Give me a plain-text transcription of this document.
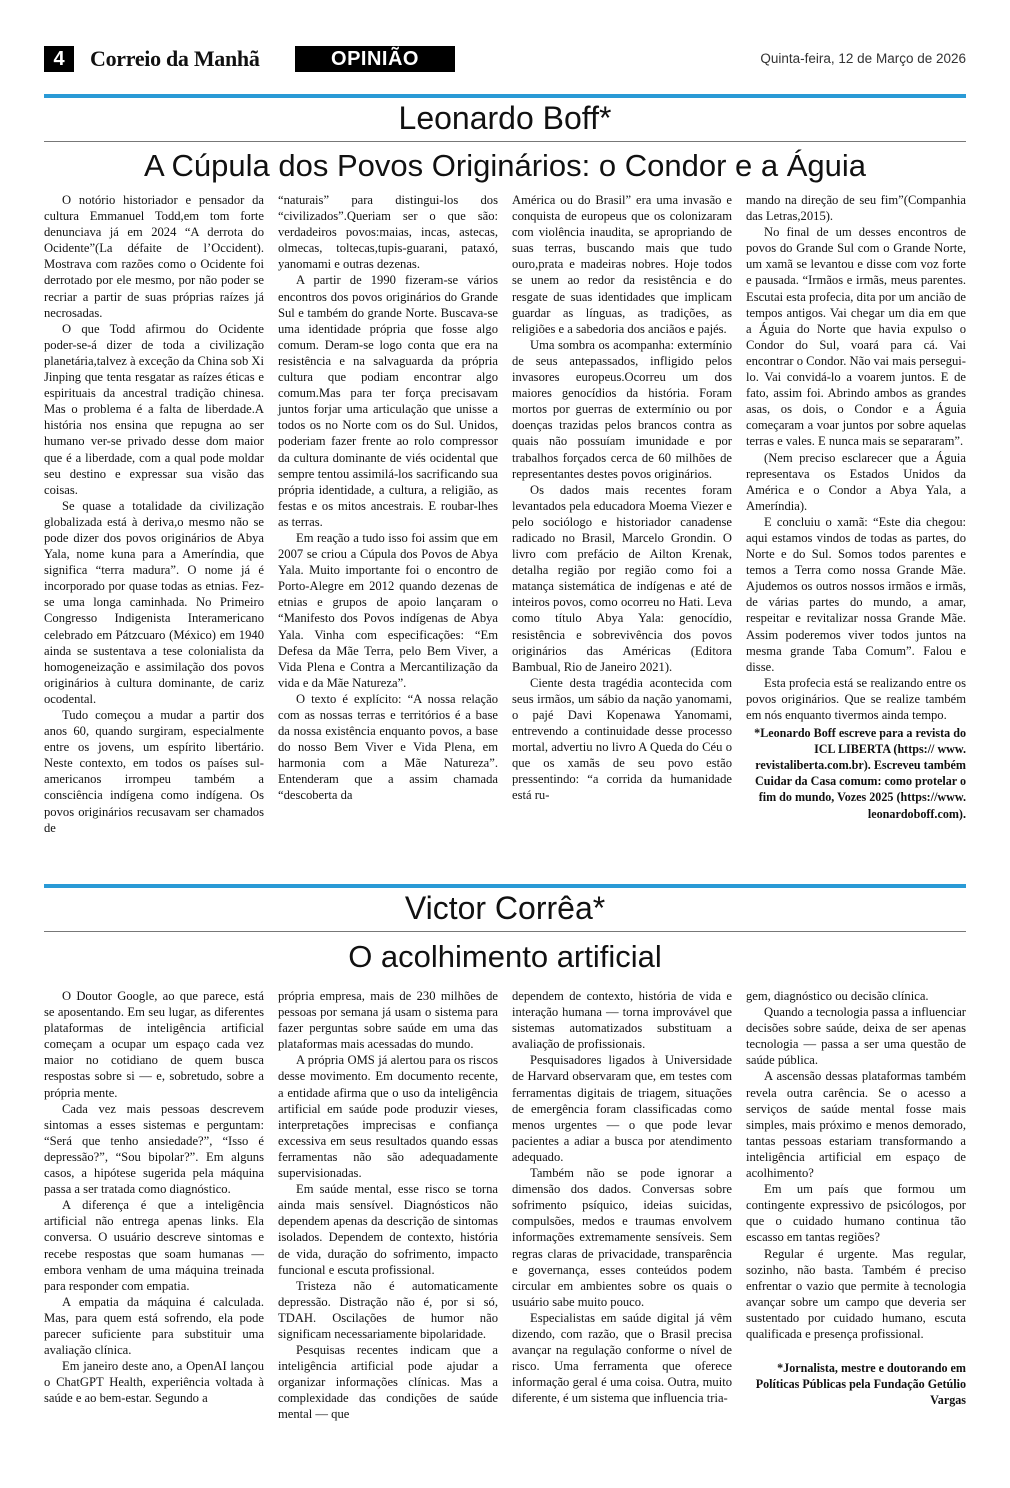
4	Correio da Manhã	OPINIÃO	Quinta-feira, 12 de Março de 2026
Leonardo Boff*
A Cúpula dos Povos Originários: o Condor e a Águia

O notório historiador e pensador da cultura Emmanuel Todd,em tom forte denunciava já em 2024 “A derrota do Ocidente”(La défaite de l’Occident). Mostrava com razões como o Ocidente foi derrotado por ele mesmo, por não poder se recriar a partir de suas próprias raízes já necrosadas.

O que Todd afirmou do Ocidente poder-se-á dizer de toda a civilização planetária,talvez à exceção da China sob Xi Jinping que tenta resgatar as raízes éticas e espirituais da ancestral tradição chinesa. Mas o problema é a falta de liberdade.A história nos ensina que repugna ao ser humano ver-se privado desse dom maior que é a liberdade, com a qual pode moldar seu destino e expressar sua visão das coisas.

Se quase a totalidade da civilização globalizada está à deriva,o mesmo não se pode dizer dos povos originários de Abya Yala, nome kuna para a Ameríndia, que significa “terra madura”. O nome já é incorporado por quase todas as etnias. Fez-se uma longa caminhada. No Primeiro Congresso Indigenista Interamericano celebrado em Pátzcuaro (México) em 1940 ainda se sustentava a tese colonialista da homogeneização e assimilação dos povos originários à cultura dominante, de cariz ocodental.

Tudo começou a mudar a partir dos anos 60, quando surgiram, especialmente entre os jovens, um espírito libertário. Neste contexto, em todos os países sul-americanos irrompeu também a consciência indígena como indígena. Os povos originários recusavam ser chamados de

“naturais” para distingui-los dos “civilizados”.Queriam ser o que são: verdadeiros povos:maias, incas, astecas, olmecas, toltecas,tupis-guarani, pataxó, yanomami e outras dezenas.

A partir de 1990 fizeram-se vários encontros dos povos originários do Grande Sul e também do grande Norte. Buscava-se uma identidade própria que fosse algo comum. Deram-se logo conta que era na resistência e na salvaguarda da própria cultura que podiam encontrar algo comum.Mas para ter força precisavam juntos forjar uma articulação que unisse a todos os no Norte com os do Sul. Unidos, poderiam fazer frente ao rolo compressor da cultura dominante de viés ocidental que sempre tentou assimilá-los sacrificando sua própria identidade, a cultura, a religião, as festas e os mitos ancestrais. E roubar-lhes as terras.

Em reação a tudo isso foi assim que em 2007 se criou a Cúpula dos Povos de Abya Yala. Muito importante foi o encontro de Porto-Alegre em 2012 quando dezenas de etnias e grupos de apoio lançaram o “Manifesto dos Povos indígenas de Abya Yala. Vinha com especificações: “Em Defesa da Mãe Terra, pelo Bem Viver, a Vida Plena e Contra a Mercantilização da vida e da Mãe Natureza”.

O texto é explícito: “A nossa relação com as nossas terras e territórios é a base da nossa existência enquanto povos, a base do nosso Bem Viver e Vida Plena, em harmonia com a Mãe Natureza”. Entenderam que a assim chamada “descoberta da

América ou do Brasil” era uma invasão e conquista de europeus que os colonizaram com violência inaudita, se apropriando de suas terras, buscando mais que tudo ouro,prata e madeiras nobres. Hoje todos se unem ao redor da resistência e do resgate de suas identidades que implicam guardar as línguas, as tradições, as religiões e a sabedoria dos anciãos e pajés.

Uma sombra os acompanha: extermínio de seus antepassados, infligido pelos invasores europeus.Ocorreu um dos maiores genocídios da história. Foram mortos por guerras de extermínio ou por doenças trazidas pelos brancos contra as quais não possuíam imunidade e por trabalhos forçados cerca de 60 milhões de representantes destes povos originários.

Os dados mais recentes foram levantados pela educadora Moema Viezer e pelo sociólogo e historiador canadense radicado no Brasil, Marcelo Grondin. O livro com prefácio de Ailton Krenak, detalha região por região como foi a matança sistemática de indígenas e até de inteiros povos, como ocorreu no Hati. Leva como título Abya Yala: genocídio, resistência e sobrevivência dos povos originários das Américas (Editora Bambual, Rio de Janeiro 2021).

Ciente desta tragédia acontecida com seus irmãos, um sábio da nação yanomami, o pajé Davi Kopenawa Yanomami, entrevendo a continuidade desse processo mortal, advertiu no livro A Queda do Céu o que os xamãs de seu povo estão pressentindo: “a corrida da humanidade está ru-

mando na direção de seu fim”(Companhia das Letras,2015).

No final de um desses encontros de povos do Grande Sul com o Grande Norte, um xamã se levantou e disse com voz forte e pausada. “Irmãos e irmãs, meus parentes. Escutai esta profecia, dita por um ancião de tempos antigos. Vai chegar um dia em que a Águia do Norte que havia expulso o Condor do Sul, voará para cá. Vai encontrar o Condor. Não vai mais persegui-lo. Vai convidá-lo a voarem juntos. E de fato, assim foi. Abrindo ambos as grandes asas, os dois, o Condor e a Águia começaram a voar juntos por sobre aquelas terras e vales. E nunca mais se separaram”.

(Nem preciso esclarecer que a Águia representava os Estados Unidos da América e o Condor a Abya Yala, a Ameríndia).

E concluiu o xamã: “Este dia chegou: aqui estamos vindos de todas as partes, do Norte e do Sul. Somos todos parentes e temos a Terra como nossa Grande Mãe. Ajudemos os outros nossos irmãos e irmãs, de várias partes do mundo, a amar, respeitar e revitalizar nossa Grande Mãe. Assim poderemos viver todos juntos na mesma grande Taba Comum”. Falou e disse.

Esta profecia está se realizando entre os povos originários. Que se realize também em nós enquanto tivermos ainda tempo.

*Leonardo Boff escreve para a revista do ICL LIBERTA (https:// www. revistaliberta.com.br). Escreveu também Cuidar da Casa comum: como protelar o fim do mundo, Vozes 2025 (https://www. leonardoboff.com).
Victor Corrêa*
O acolhimento artificial

O Doutor Google, ao que parece, está se aposentando. Em seu lugar, as diferentes plataformas de inteligência artificial começam a ocupar um espaço cada vez maior no cotidiano de quem busca respostas sobre si — e, sobretudo, sobre a própria mente.

Cada vez mais pessoas descrevem sintomas a esses sistemas e perguntam: “Será que tenho ansiedade?”, “Isso é depressão?”, “Sou bipolar?”. Em alguns casos, a hipótese sugerida pela máquina passa a ser tratada como diagnóstico.

A diferença é que a inteligência artificial não entrega apenas links. Ela conversa. O usuário descreve sintomas e recebe respostas que soam humanas — embora venham de uma máquina treinada para responder com empatia.

A empatia da máquina é calculada. Mas, para quem está sofrendo, ela pode parecer suficiente para substituir uma avaliação clínica.

Em janeiro deste ano, a OpenAI lançou o ChatGPT Health, experiência voltada à saúde e ao bem-estar. Segundo a

própria empresa, mais de 230 milhões de pessoas por semana já usam o sistema para fazer perguntas sobre saúde em uma das plataformas mais acessadas do mundo.

A própria OMS já alertou para os riscos desse movimento. Em documento recente, a entidade afirma que o uso da inteligência artificial em saúde pode produzir vieses, interpretações imprecisas e confiança excessiva em seus resultados quando essas ferramentas não são adequadamente supervisionadas.

Em saúde mental, esse risco se torna ainda mais sensível. Diagnósticos não dependem apenas da descrição de sintomas isolados. Dependem de contexto, história de vida, duração do sofrimento, impacto funcional e escuta profissional.

Tristeza não é automaticamente depressão. Distração não é, por si só, TDAH. Oscilações de humor não significam necessariamente bipolaridade.

Pesquisas recentes indicam que a inteligência artificial pode ajudar a organizar informações clínicas. Mas a complexidade das condições de saúde mental — que

dependem de contexto, história de vida e interação humana — torna improvável que sistemas automatizados substituam a avaliação de profissionais.

Pesquisadores ligados à Universidade de Harvard observaram que, em testes com ferramentas digitais de triagem, situações de emergência foram classificadas como menos urgentes — o que pode levar pacientes a adiar a busca por atendimento adequado.

Também não se pode ignorar a dimensão dos dados. Conversas sobre sofrimento psíquico, ideias suicidas, compulsões, medos e traumas envolvem informações extremamente sensíveis. Sem regras claras de privacidade, transparência e governança, esses conteúdos podem circular em ambientes sobre os quais o usuário sabe muito pouco.

Especialistas em saúde digital já vêm dizendo, com razão, que o Brasil precisa avançar na regulação conforme o nível de risco. Uma ferramenta que oferece informação geral é uma coisa. Outra, muito diferente, é um sistema que influencia tria-

gem, diagnóstico ou decisão clínica.

Quando a tecnologia passa a influenciar decisões sobre saúde, deixa de ser apenas tecnologia — passa a ser uma questão de saúde pública.

A ascensão dessas plataformas também revela outra carência. Se o acesso a serviços de saúde mental fosse mais simples, mais próximo e menos demorado, tantas pessoas estariam transformando a inteligência artificial em espaço de acolhimento?

Em um país que formou um contingente expressivo de psicólogos, por que o cuidado humano continua tão escasso em tantas regiões?

Regular é urgente. Mas regular, sozinho, não basta. Também é preciso enfrentar o vazio que permite à tecnologia avançar sobre um campo que deveria ser sustentado por cuidado humano, escuta qualificada e presença profissional.

*Jornalista, mestre e doutorando em Políticas Públicas pela Fundação Getúlio Vargas
